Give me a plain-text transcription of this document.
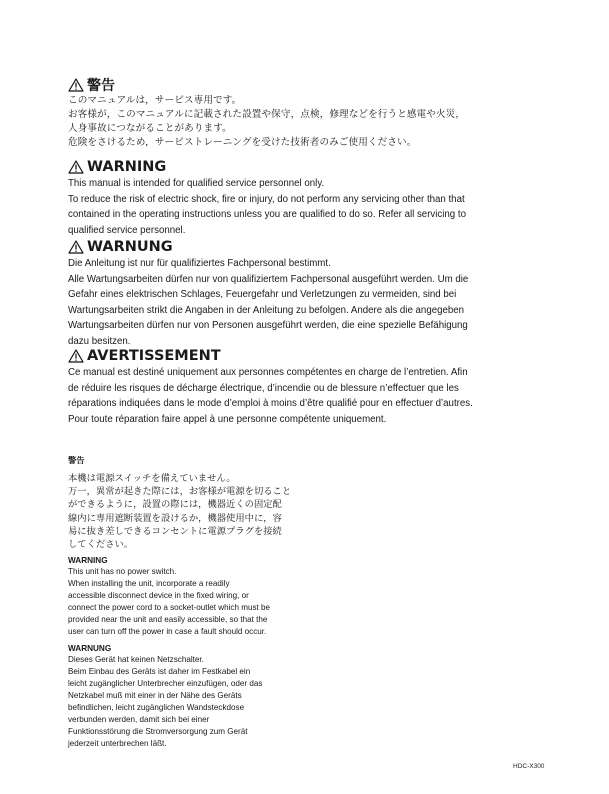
警告

このマニュアルは，サービス専用です。

お客様が，このマニュアルに記載された設置や保守，点検，修理などを行うと感電や火災，

人身事故につながることがあります。

危険をさけるため，サービストレーニングを受けた技術者のみご使用ください。

WARNING

This manual is intended for qualified service personnel only.

To reduce the risk of electric shock, fire or injury, do not perform any servicing other than that

contained in the operating instructions unless you are qualified to do so. Refer all servicing to

qualified service personnel.

WARNUNG

Die Anleitung ist nur für qualifiziertes Fachpersonal bestimmt.

Alle Wartungsarbeiten dürfen nur von qualifiziertem Fachpersonal ausgeführt werden. Um die

Gefahr eines elektrischen Schlages, Feuergefahr und Verletzungen zu vermeiden, sind bei

Wartungsarbeiten strikt die Angaben in der Anleitung zu befolgen. Andere als die angegeben

Wartungsarbeiten dürfen nur von Personen ausgeführt werden, die eine spezielle Befähigung

dazu besitzen.

AVERTISSEMENT

Ce manual est destiné uniquement aux personnes compétentes en charge de l’entretien. Afin

de réduire les risques de décharge électrique, d’incendie ou de blessure n’effectuer que les

réparations indiquées dans le mode d’emploi à moins d’être qualifié pour en effectuer d’autres.

Pour toute réparation faire appel à une personne compétente uniquement.

警告

本機は電源スイッチを備えていません。

万一，異常が起きた際には，お客様が電源を切ること

ができるように，設置の際には，機器近くの固定配

線内に専用遮断装置を設けるか，機器使用中に，容

易に抜き差しできるコンセントに電源プラグを接続

してください。

WARNING

This unit has no power switch.

When installing the unit, incorporate a readily

accessible disconnect device in the fixed wiring, or

connect the power cord to a socket-outlet which must be

provided near the unit and easily accessible, so that the

user can turn off the power in case a fault should occur.

WARNUNG

Dieses Gerät hat keinen Netzschalter.

Beim Einbau des Geräts ist daher im Festkabel ein

leicht zugänglicher Unterbrecher einzufügen, oder das

Netzkabel muß mit einer in der Nähe des Geräts

befindlichen, leicht zugänglichen Wandsteckdose

verbunden werden, damit sich bei einer

Funktionsstörung die Stromversorgung zum Gerät

jederzeit unterbrechen läßt.

HDC-X300
